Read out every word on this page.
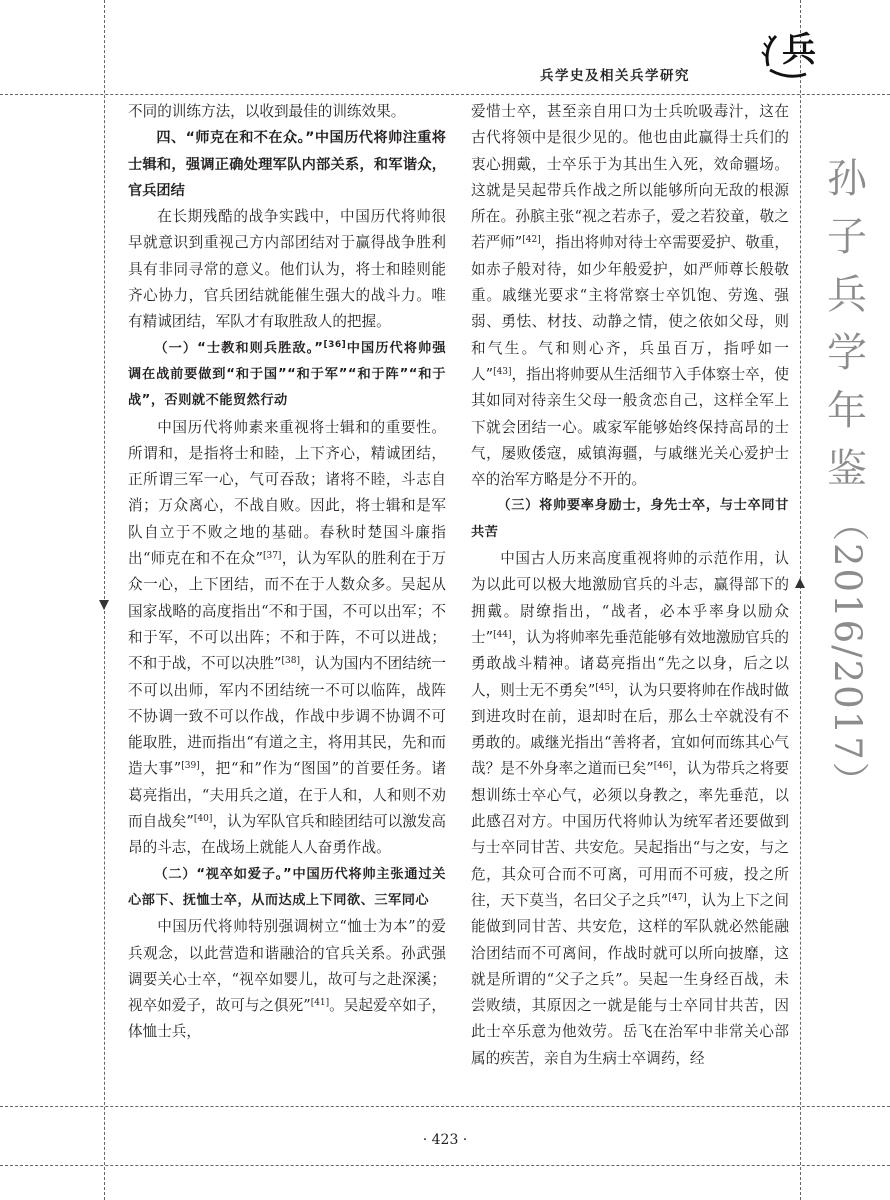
兵学史及相关兵学研究
兵
孙
子
兵
学
年
鉴
（2016/2017）

不同的训练方法，以收到最佳的训练效果。

四、“师克在和不在众。”中国历代将帅注重将士辑和，强调正确处理军队内部关系，和军谐众，官兵团结

在长期残酷的战争实践中，中国历代将帅很早就意识到重视己方内部团结对于赢得战争胜利具有非同寻常的意义。他们认为，将士和睦则能齐心协力，官兵团结就能催生强大的战斗力。唯有精诚团结，军队才有取胜敌人的把握。

（一）“士教和则兵胜敌。”[36]中国历代将帅强调在战前要做到“和于国”“和于军”“和于阵”“和于战”，否则就不能贸然行动

中国历代将帅素来重视将士辑和的重要性。所谓和，是指将士和睦，上下齐心，精诚团结，正所谓三军一心，气可吞敌；诸将不睦，斗志自消；万众离心，不战自败。因此，将士辑和是军队自立于不败之地的基础。春秋时楚国斗廉指出“师克在和不在众”[37]，认为军队的胜利在于万众一心，上下团结，而不在于人数众多。吴起从国家战略的高度指出“不和于国，不可以出军；不和于军，不可以出阵；不和于阵，不可以进战；不和于战，不可以决胜”[38]，认为国内不团结统一不可以出师，军内不团结统一不可以临阵，战阵不协调一致不可以作战，作战中步调不协调不可能取胜，进而指出“有道之主，将用其民，先和而造大事”[39]，把“和”作为“图国”的首要任务。诸葛亮指出，“夫用兵之道，在于人和，人和则不劝而自战矣”[40]，认为军队官兵和睦团结可以激发高昂的斗志，在战场上就能人人奋勇作战。

（二）“视卒如爱子。”中国历代将帅主张通过关心部下、抚恤士卒，从而达成上下同欲、三军同心

中国历代将帅特别强调树立“恤士为本”的爱兵观念，以此营造和谐融洽的官兵关系。孙武强调要关心士卒，“视卒如婴儿，故可与之赴深溪；视卒如爱子，故可与之俱死”[41]。吴起爱卒如子，体恤士兵，

爱惜士卒，甚至亲自用口为士兵吮吸毒汁，这在古代将领中是很少见的。他也由此赢得士兵们的衷心拥戴，士卒乐于为其出生入死，效命疆场。这就是吴起带兵作战之所以能够所向无敌的根源所在。孙膑主张“视之若赤子，爱之若狡童，敬之若严师”[42]，指出将帅对待士卒需要爱护、敬重，如赤子般对待，如少年般爱护，如严师尊长般敬重。戚继光要求“主将常察士卒饥饱、劳逸、强弱、勇怯、材技、动静之情，使之依如父母，则和气生。气和则心齐，兵虽百万，指呼如一人”[43]，指出将帅要从生活细节入手体察士卒，使其如同对待亲生父母一般贪恋自己，这样全军上下就会团结一心。戚家军能够始终保持高昂的士气，屡败倭寇，威镇海疆，与戚继光关心爱护士卒的治军方略是分不开的。

（三）将帅要率身励士，身先士卒，与士卒同甘共苦

中国古人历来高度重视将帅的示范作用，认为以此可以极大地激励官兵的斗志，赢得部下的拥戴。尉缭指出，“战者，必本乎率身以励众士”[44]，认为将帅率先垂范能够有效地激励官兵的勇敢战斗精神。诸葛亮指出“先之以身，后之以人，则士无不勇矣”[45]，认为只要将帅在作战时做到进攻时在前，退却时在后，那么士卒就没有不勇敢的。戚继光指出“善将者，宜如何而练其心气哉？是不外身率之道而已矣”[46]，认为带兵之将要想训练士卒心气，必须以身教之，率先垂范，以此感召对方。中国历代将帅认为统军者还要做到与士卒同甘苦、共安危。吴起指出“与之安，与之危，其众可合而不可离，可用而不可疲，投之所往，天下莫当，名曰父子之兵”[47]，认为上下之间能做到同甘苦、共安危，这样的军队就必然能融洽团结而不可离间，作战时就可以所向披靡，这就是所谓的“父子之兵”。吴起一生身经百战，未尝败绩，其原因之一就是能与士卒同甘共苦，因此士卒乐意为他效劳。岳飞在治军中非常关心部属的疾苦，亲自为生病士卒调药，经

· 423 ·
